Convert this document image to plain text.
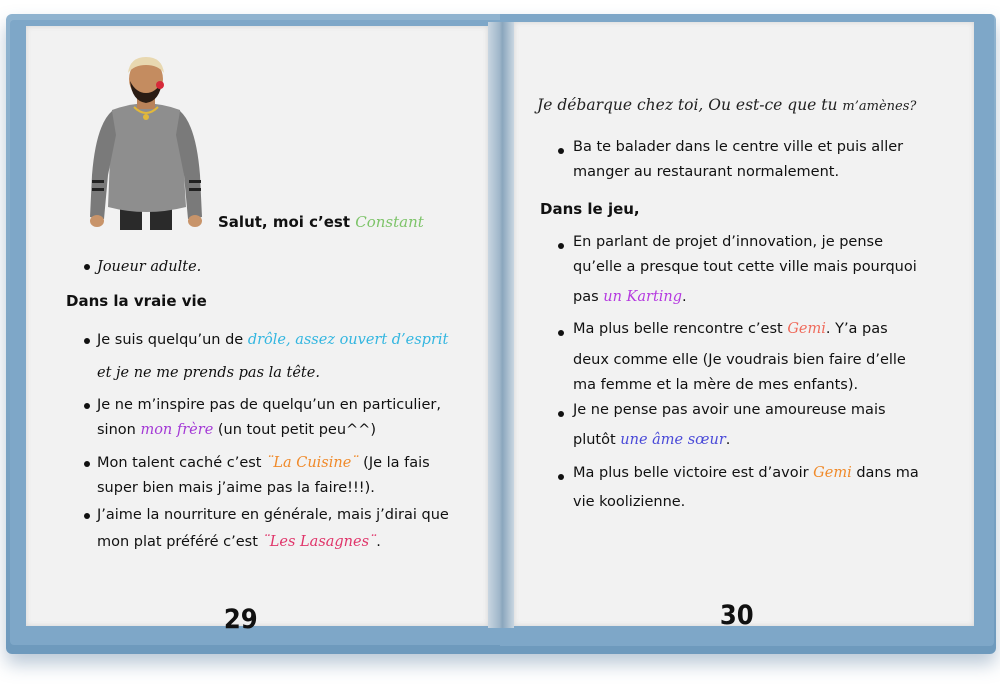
Salut, moi c’est Constant
Joueur adulte.
Dans la vraie vie
Je suis quelqu’un de drôle, assez ouvert d’esprit
et je ne me prends pas la tête.
Je ne m’inspire pas de quelqu’un en particulier,
sinon mon frère (un tout petit peu^^)
Mon talent caché c’est ¨La Cuisine¨ (Je la fais
super bien mais j’aime pas la faire!!!).
J’aime la nourriture en générale, mais j’dirai que
mon plat préféré c’est ¨Les Lasagnes¨.
29
Je débarque chez toi, Ou est-ce que tu m’amènes?
Ba te balader dans le centre ville et puis aller
manger au restaurant normalement.
Dans le jeu,
En parlant de projet d’innovation, je pense
qu’elle a presque tout cette ville mais pourquoi
pas un Karting.
Ma plus belle rencontre c’est Gemi. Y’a pas
deux comme elle (Je voudrais bien faire d’elle
ma femme et la mère de mes enfants).
Je ne pense pas avoir une amoureuse mais
plutôt une âme sœur.
Ma plus belle victoire est d’avoir Gemi dans ma
vie koolizienne.
30
